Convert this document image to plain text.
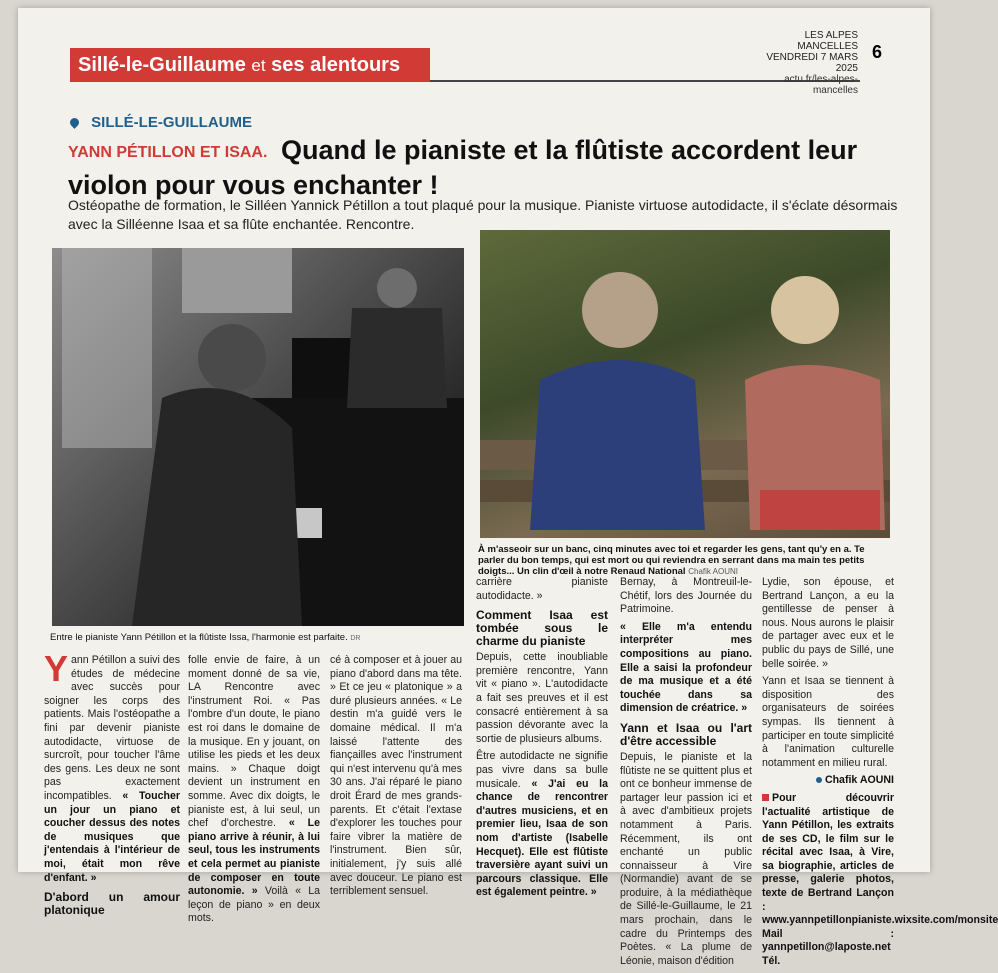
Sillé-le-Guillaume et ses alentours
LES ALPES MANCELLES
VENDREDI 7 MARS 2025
actu.fr/les-alpes-mancelles
6
SILLÉ-LE-GUILLAUME
YANN PÉTILLON ET ISAA. Quand le pianiste et la flûtiste accordent leur violon pour vous enchanter !
Ostéopathe de formation, le Silléen Yannick Pétillon a tout plaqué pour la musique. Pianiste virtuose autodidacte, il s'éclate désormais avec la Silléenne Isaa et sa flûte enchantée. Rencontre.
Entre le pianiste Yann Pétillon et la flûtiste Issa, l'harmonie est parfaite. DR
À m'asseoir sur un banc, cinq minutes avec toi et regarder les gens, tant qu'y en a. Te parler du bon temps, qui est mort ou qui reviendra en serrant dans ma main tes petits doigts... Un clin d'œil à notre Renaud National Chafik AOUNI

Yann Pétillon a suivi des études de médecine avec succès pour soigner les corps des patients. Mais l'ostéopathe a fini par devenir pianiste autodidacte, virtuose de surcroît, pour toucher l'âme des gens. Les deux ne sont pas exactement incompatibles. « Toucher un jour un piano et coucher dessus des notes de musiques que j'entendais à l'intérieur de moi, était mon rêve d'enfant. »

D'abord un amour platonique

folle envie de faire, à un moment donné de sa vie, LA Rencontre avec l'instrument Roi. « Pas l'ombre d'un doute, le piano est roi dans le domaine de la musique. En y jouant, on utilise les pieds et les deux mains. » Chaque doigt devient un instrument en somme. Avec dix doigts, le pianiste est, à lui seul, un chef d'orchestre. « Le piano arrive à réunir, à lui seul, tous les instruments et cela permet au pianiste de composer en toute autonomie. » Voilà « La leçon de piano » en deux mots.

cé à composer et à jouer au piano d'abord dans ma tête. » Et ce jeu « platonique » a duré plusieurs années. « Le destin m'a guidé vers le domaine médical. Il m'a laissé l'attente des fiançailles avec l'instrument qui n'est intervenu qu'à mes 30 ans. J'ai réparé le piano droit Érard de mes grands-parents. Et c'était l'extase d'explorer les touches pour faire vibrer la matière de l'instrument. Bien sûr, initialement, j'y suis allé avec douceur. Le piano est terriblement sensuel.

carrière pianiste autodidacte. »

Comment Isaa est tombée sous le charme du pianiste

Depuis, cette inoubliable première rencontre, Yann vit « piano ». L'autodidacte a fait ses preuves et il est consacré entièrement à sa passion dévorante avec la sortie de plusieurs albums.

Être autodidacte ne signifie pas vivre dans sa bulle musicale. « J'ai eu la chance de rencontrer d'autres musiciens, et en premier lieu, Isaa de son nom d'artiste (Isabelle Hecquet). Elle est flûtiste traversière ayant suivi un parcours classique. Elle est également peintre. »

Bernay, à Montreuil-le-Chétif, lors des Journée du Patrimoine.

« Elle m'a entendu interpréter mes compositions au piano. Elle a saisi la profondeur de ma musique et a été touchée dans sa dimension de créatrice. »

Yann et Isaa ou l'art d'être accessible

Depuis, le pianiste et la flûtiste ne se quittent plus et ont ce bonheur immense de partager leur passion ici et à avec d'ambitieux projets notamment à Paris. Récemment, ils ont enchanté un public connaisseur à Vire (Normandie) avant de se produire, à la médiathèque de Sillé-le-Guillaume, le 21 mars prochain, dans le cadre du Printemps des Poètes. « La plume de Léonie, maison d'édition

Lydie, son épouse, et Bertrand Lançon, a eu la gentillesse de penser à nous. Nous aurons le plaisir de partager avec eux et le public du pays de Sillé, une belle soirée. »

Yann et Isaa se tiennent à disposition des organisateurs de soirées sympas. Ils tiennent à participer en toute simplicité à l'animation culturelle notamment en milieu rural.

Chafik AOUNI

Pour découvrir l'actualité artistique de Yann Pétillon, les extraits de ses CD, le film sur le récital avec Isaa, à Vire, sa biographie, articles de presse, galerie photos, texte de Bertrand Lançon : www.yannpetillonpianiste.wixsite.com/monsite Mail : yannpetillon@laposte.net Tél.
